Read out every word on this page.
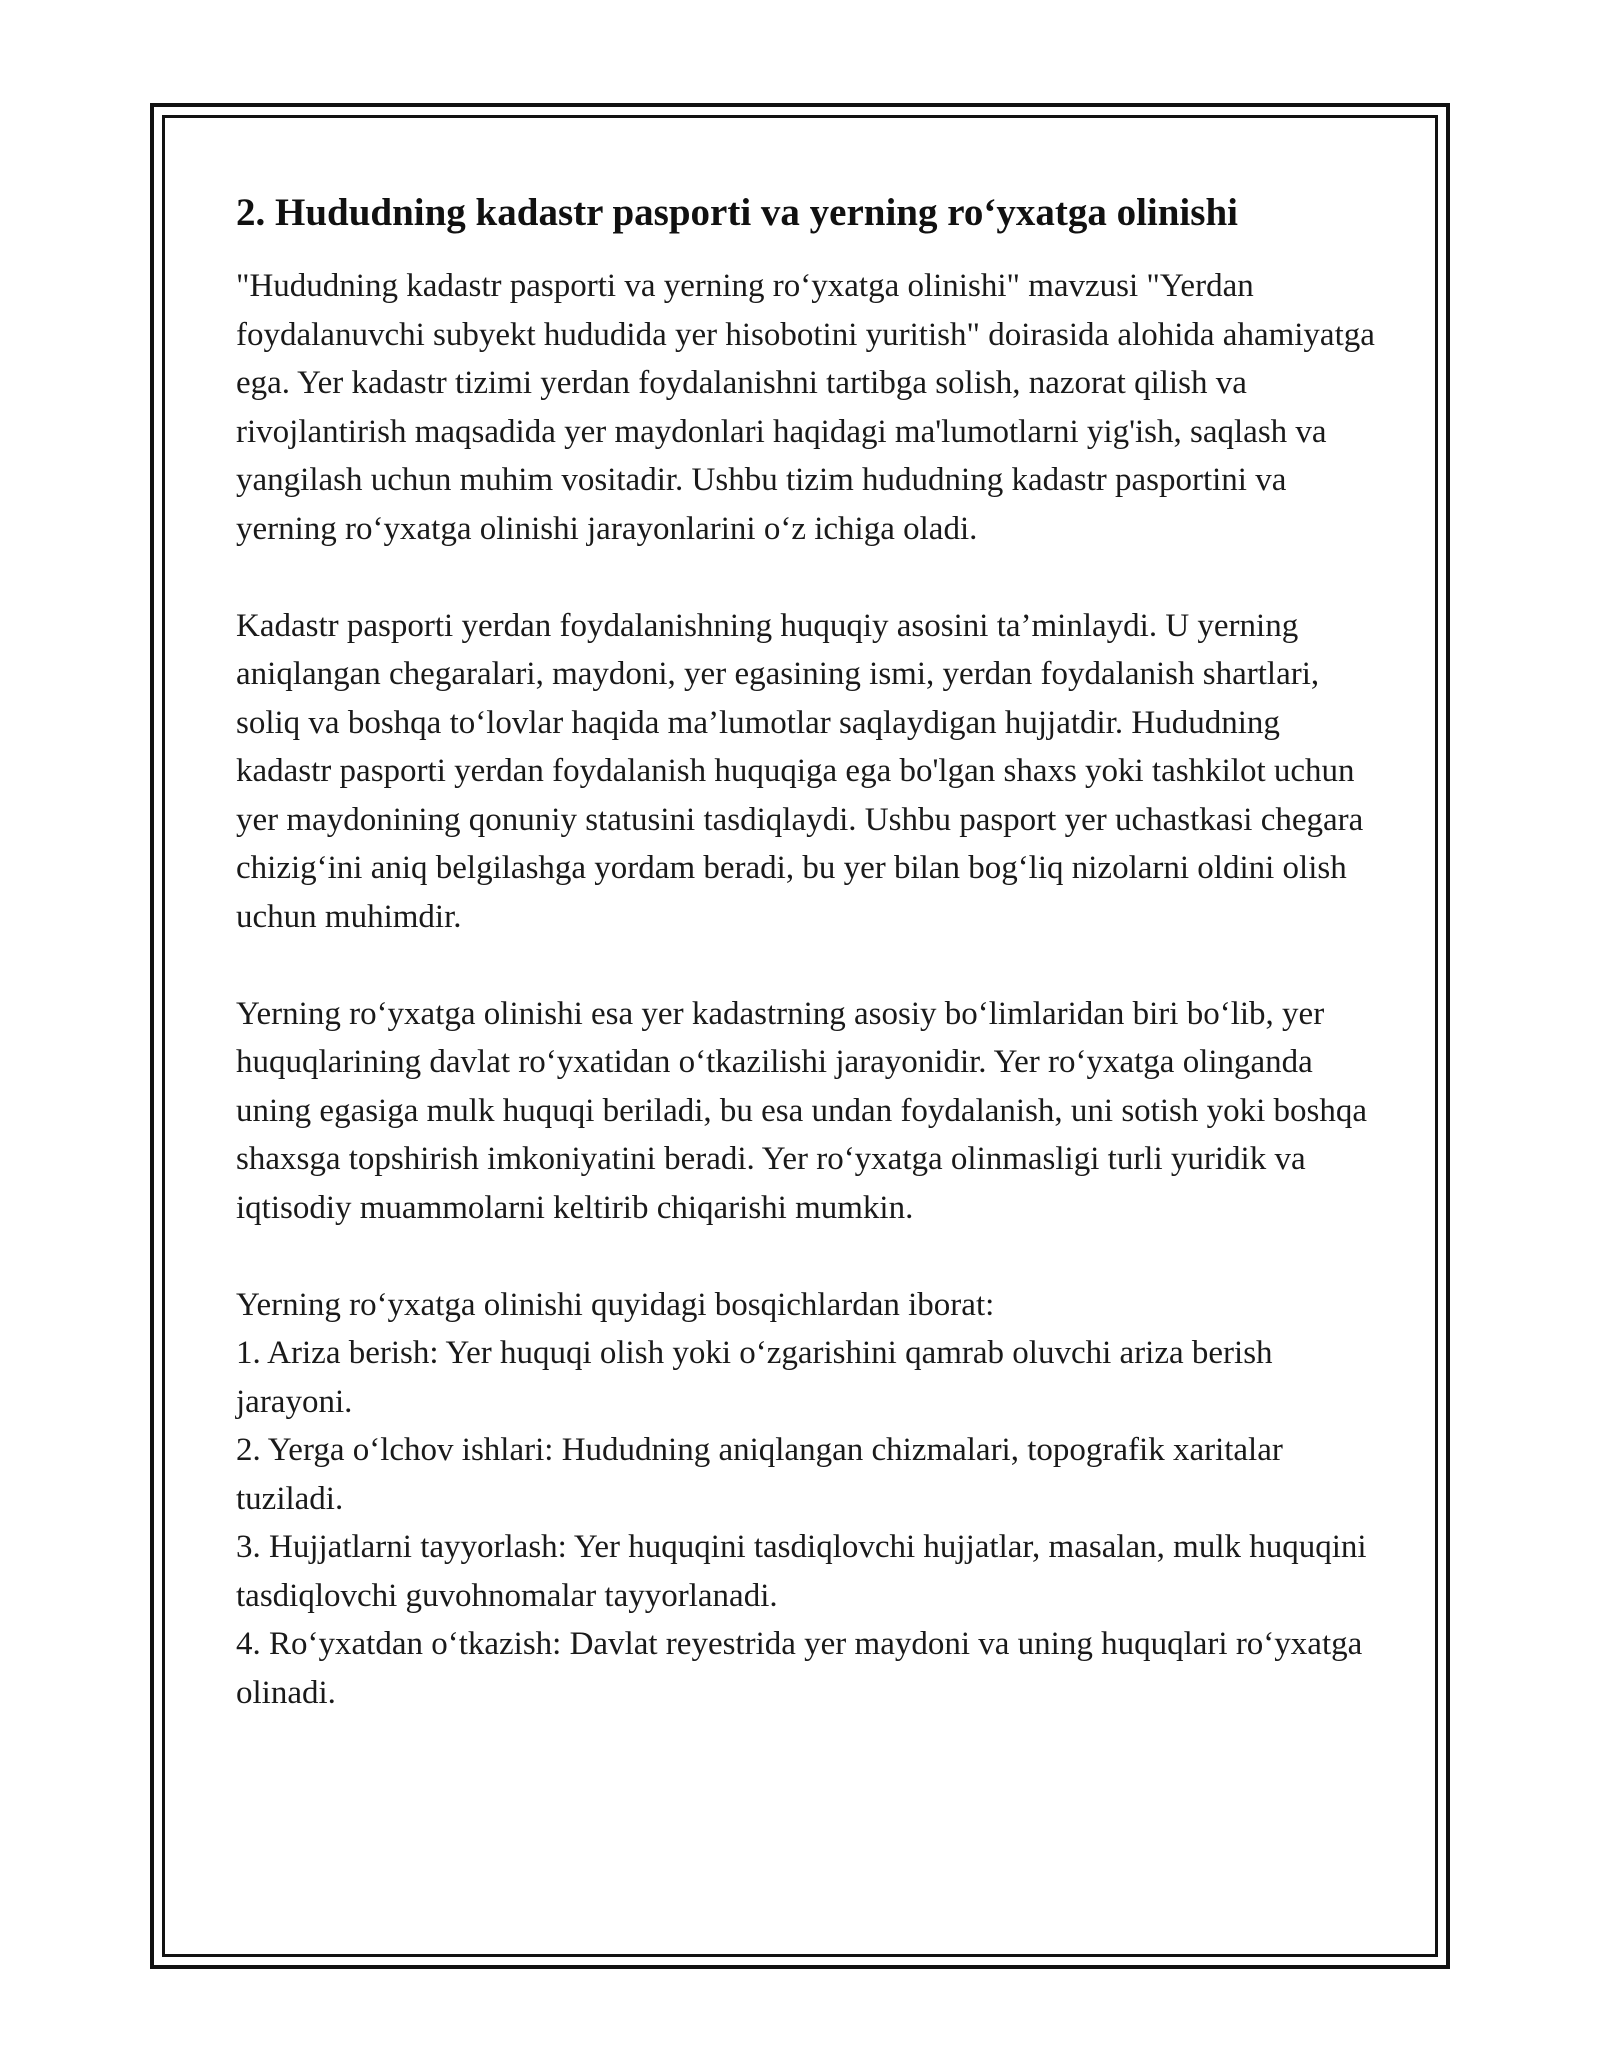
2. Hududning kadastr pasporti va yerning ro‘yxatga olinishi

"Hududning kadastr pasporti va yerning ro‘yxatga olinishi" mavzusi "Yerdan foydalanuvchi subyekt hududida yer hisobotini yuritish" doirasida alohida ahamiyatga ega. Yer kadastr tizimi yerdan foydalanishni tartibga solish, nazorat qilish va rivojlantirish maqsadida yer maydonlari haqidagi ma'lumotlarni yig'ish, saqlash va yangilash uchun muhim vositadir. Ushbu tizim hududning kadastr pasportini va yerning ro‘yxatga olinishi jarayonlarini o‘z ichiga oladi.

Kadastr pasporti yerdan foydalanishning huquqiy asosini ta’minlaydi. U yerning aniqlangan chegaralari, maydoni, yer egasining ismi, yerdan foydalanish shartlari, soliq va boshqa to‘lovlar haqida ma’lumotlar saqlaydigan hujjatdir. Hududning kadastr pasporti yerdan foydalanish huquqiga ega bo'lgan shaxs yoki tashkilot uchun yer maydonining qonuniy statusini tasdiqlaydi. Ushbu pasport yer uchastkasi chegara chizig‘ini aniq belgilashga yordam beradi, bu yer bilan bog‘liq nizolarni oldini olish uchun muhimdir.

Yerning ro‘yxatga olinishi esa yer kadastrning asosiy bo‘limlaridan biri bo‘lib, yer huquqlarining davlat ro‘yxatidan o‘tkazilishi jarayonidir. Yer ro‘yxatga olinganda uning egasiga mulk huquqi beriladi, bu esa undan foydalanish, uni sotish yoki boshqa shaxsga topshirish imkoniyatini beradi. Yer ro‘yxatga olinmasligi turli yuridik va iqtisodiy muammolarni keltirib chiqarishi mumkin.

Yerning ro‘yxatga olinishi quyidagi bosqichlardan iborat:

1. Ariza berish: Yer huquqi olish yoki o‘zgarishini qamrab oluvchi ariza berish jarayoni.

2. Yerga o‘lchov ishlari: Hududning aniqlangan chizmalari, topografik xaritalar tuziladi.

3. Hujjatlarni tayyorlash: Yer huquqini tasdiqlovchi hujjatlar, masalan, mulk huquqini tasdiqlovchi guvohnomalar tayyorlanadi.

4. Ro‘yxatdan o‘tkazish: Davlat reyestrida yer maydoni va uning huquqlari ro‘yxatga olinadi.
